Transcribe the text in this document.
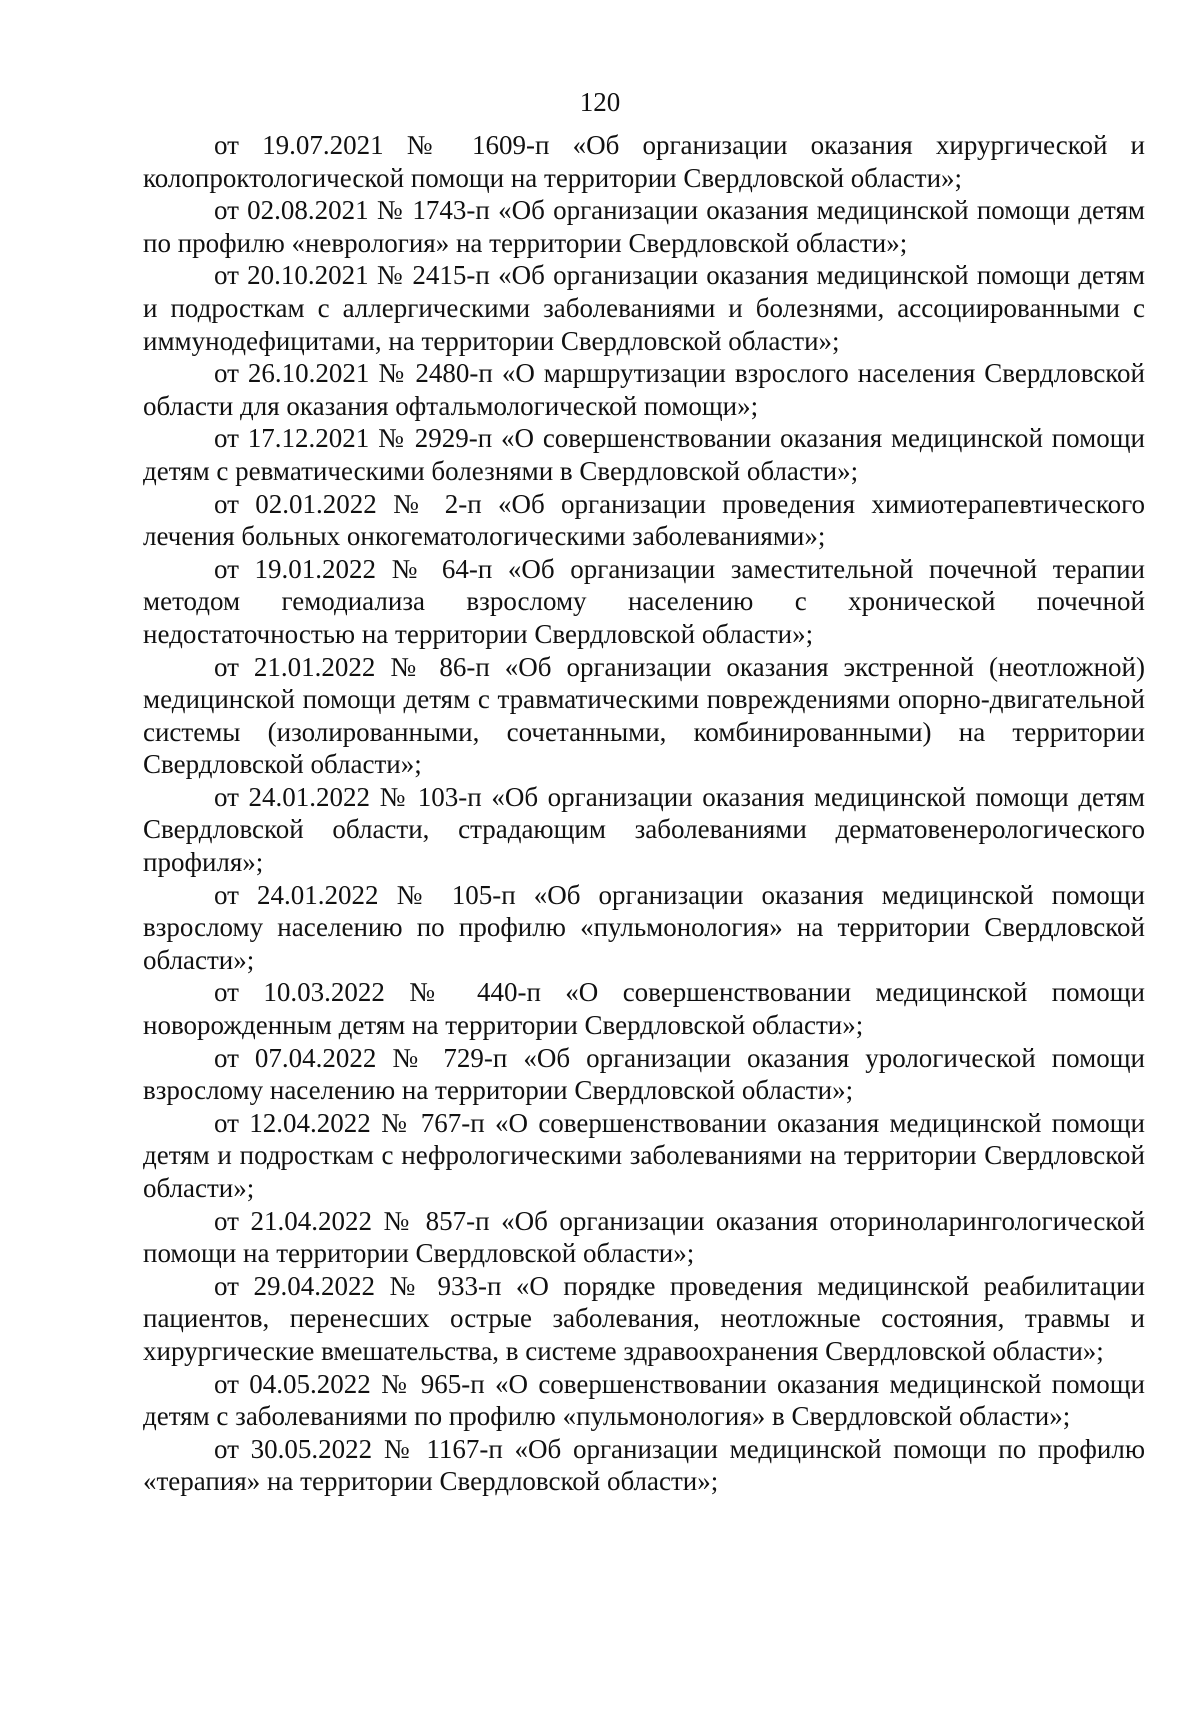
120

от 19.07.2021 № 1609-п «Об организации оказания хирургической и колопроктологической помощи на территории Свердловской области»;

от 02.08.2021 № 1743-п «Об организации оказания медицинской помощи детям по профилю «неврология» на территории Свердловской области»;

от 20.10.2021 № 2415-п «Об организации оказания медицинской помощи детям и подросткам с аллергическими заболеваниями и болезнями, ассоциированными с иммунодефицитами, на территории Свердловской области»;

от 26.10.2021 № 2480-п «О маршрутизации взрослого населения Свердловской области для оказания офтальмологической помощи»;

от 17.12.2021 № 2929-п «О совершенствовании оказания медицинской помощи детям с ревматическими болезнями в Свердловской области»;

от 02.01.2022 № 2-п «Об организации проведения химиотерапевтического лечения больных онкогематологическими заболеваниями»;

от 19.01.2022 № 64-п «Об организации заместительной почечной терапии методом гемодиализа взрослому населению с хронической почечной недостаточностью на территории Свердловской области»;

от 21.01.2022 № 86-п «Об организации оказания экстренной (неотложной) медицинской помощи детям с травматическими повреждениями опорно-двигательной системы (изолированными, сочетанными, комбинированными) на территории Свердловской области»;

от 24.01.2022 № 103-п «Об организации оказания медицинской помощи детям Свердловской области, страдающим заболеваниями дерматовенерологического профиля»;

от 24.01.2022 № 105-п «Об организации оказания медицинской помощи взрослому населению по профилю «пульмонология» на территории Свердловской области»;

от 10.03.2022 № 440-п «О совершенствовании медицинской помощи новорожденным детям на территории Свердловской области»;

от 07.04.2022 № 729-п «Об организации оказания урологической помощи взрослому населению на территории Свердловской области»;

от 12.04.2022 № 767-п «О совершенствовании оказания медицинской помощи детям и подросткам с нефрологическими заболеваниями на территории Свердловской области»;

от 21.04.2022 № 857-п «Об организации оказания оториноларингологической помощи на территории Свердловской области»;

от 29.04.2022 № 933-п «О порядке проведения медицинской реабилитации пациентов, перенесших острые заболевания, неотложные состояния, травмы и хирургические вмешательства, в системе здравоохранения Свердловской области»;

от 04.05.2022 № 965-п «О совершенствовании оказания медицинской помощи детям с заболеваниями по профилю «пульмонология» в Свердловской области»;

от 30.05.2022 № 1167-п «Об организации медицинской помощи по профилю «терапия» на территории Свердловской области»;
